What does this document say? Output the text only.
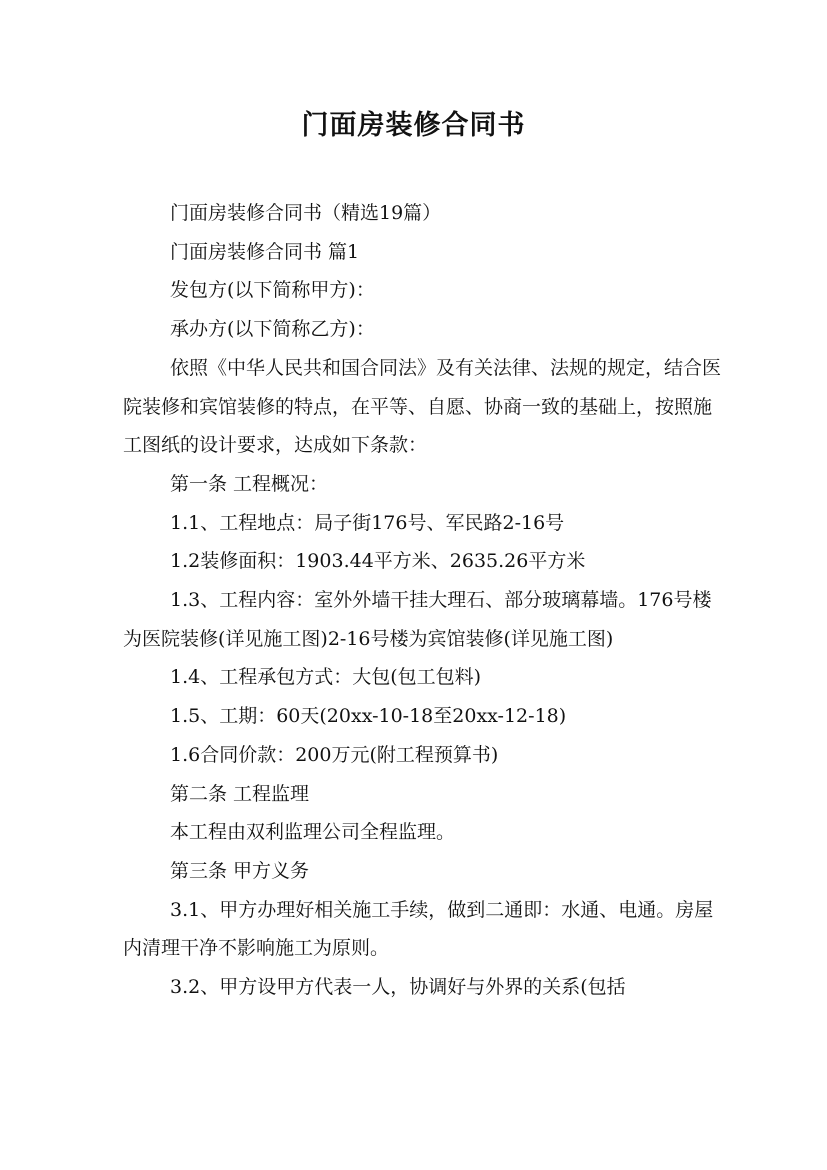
门面房装修合同书

门面房装修合同书（精选19篇）

门面房装修合同书 篇1

发包方(以下简称甲方)：

承办方(以下简称乙方)：

依照《中华人民共和国合同法》及有关法律、法规的规定，结合医院装修和宾馆装修的特点，在平等、自愿、协商一致的基础上，按照施工图纸的设计要求，达成如下条款：

第一条 工程概况：

1.1、工程地点：局子街176号、军民路2-16号

1.2装修面积：1903.44平方米、2635.26平方米

1.3、工程内容：室外外墙干挂大理石、部分玻璃幕墙。176号楼为医院装修(详见施工图)2-16号楼为宾馆装修(详见施工图)

1.4、工程承包方式：大包(包工包料)

1.5、工期：60天(20xx-10-18至20xx-12-18)

1.6合同价款：200万元(附工程预算书)

第二条 工程监理

本工程由双利监理公司全程监理。

第三条 甲方义务

3.1、甲方办理好相关施工手续，做到二通即：水通、电通。房屋内清理干净不影响施工为原则。

3.2、甲方设甲方代表一人，协调好与外界的关系(包括
